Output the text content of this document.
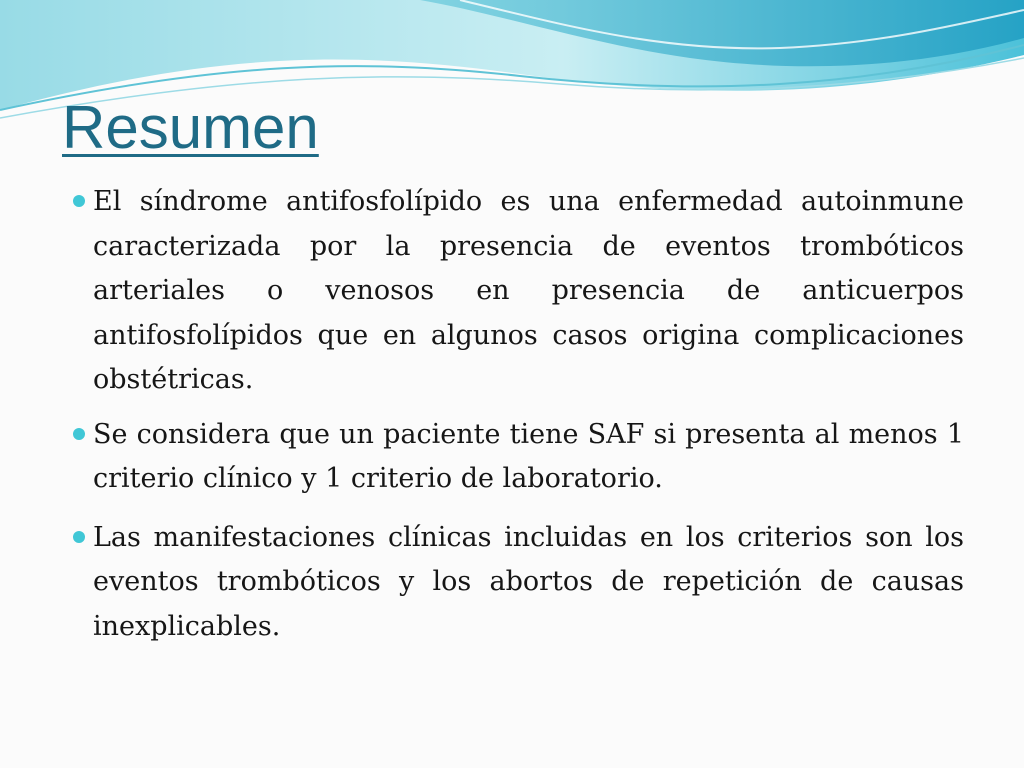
Resumen
El síndrome antifosfolípido es una enfermedad autoinmune caracterizada por la presencia de eventos trombóticos arteriales o venosos en presencia de anticuerpos antifosfolípidos que en algunos casos origina complicaciones obstétricas.
Se considera que un paciente tiene SAF si presenta al menos 1 criterio clínico y 1 criterio de laboratorio.
Las manifestaciones clínicas incluidas en los criterios son los eventos trombóticos y los abortos de repetición de causas inexplicables.
